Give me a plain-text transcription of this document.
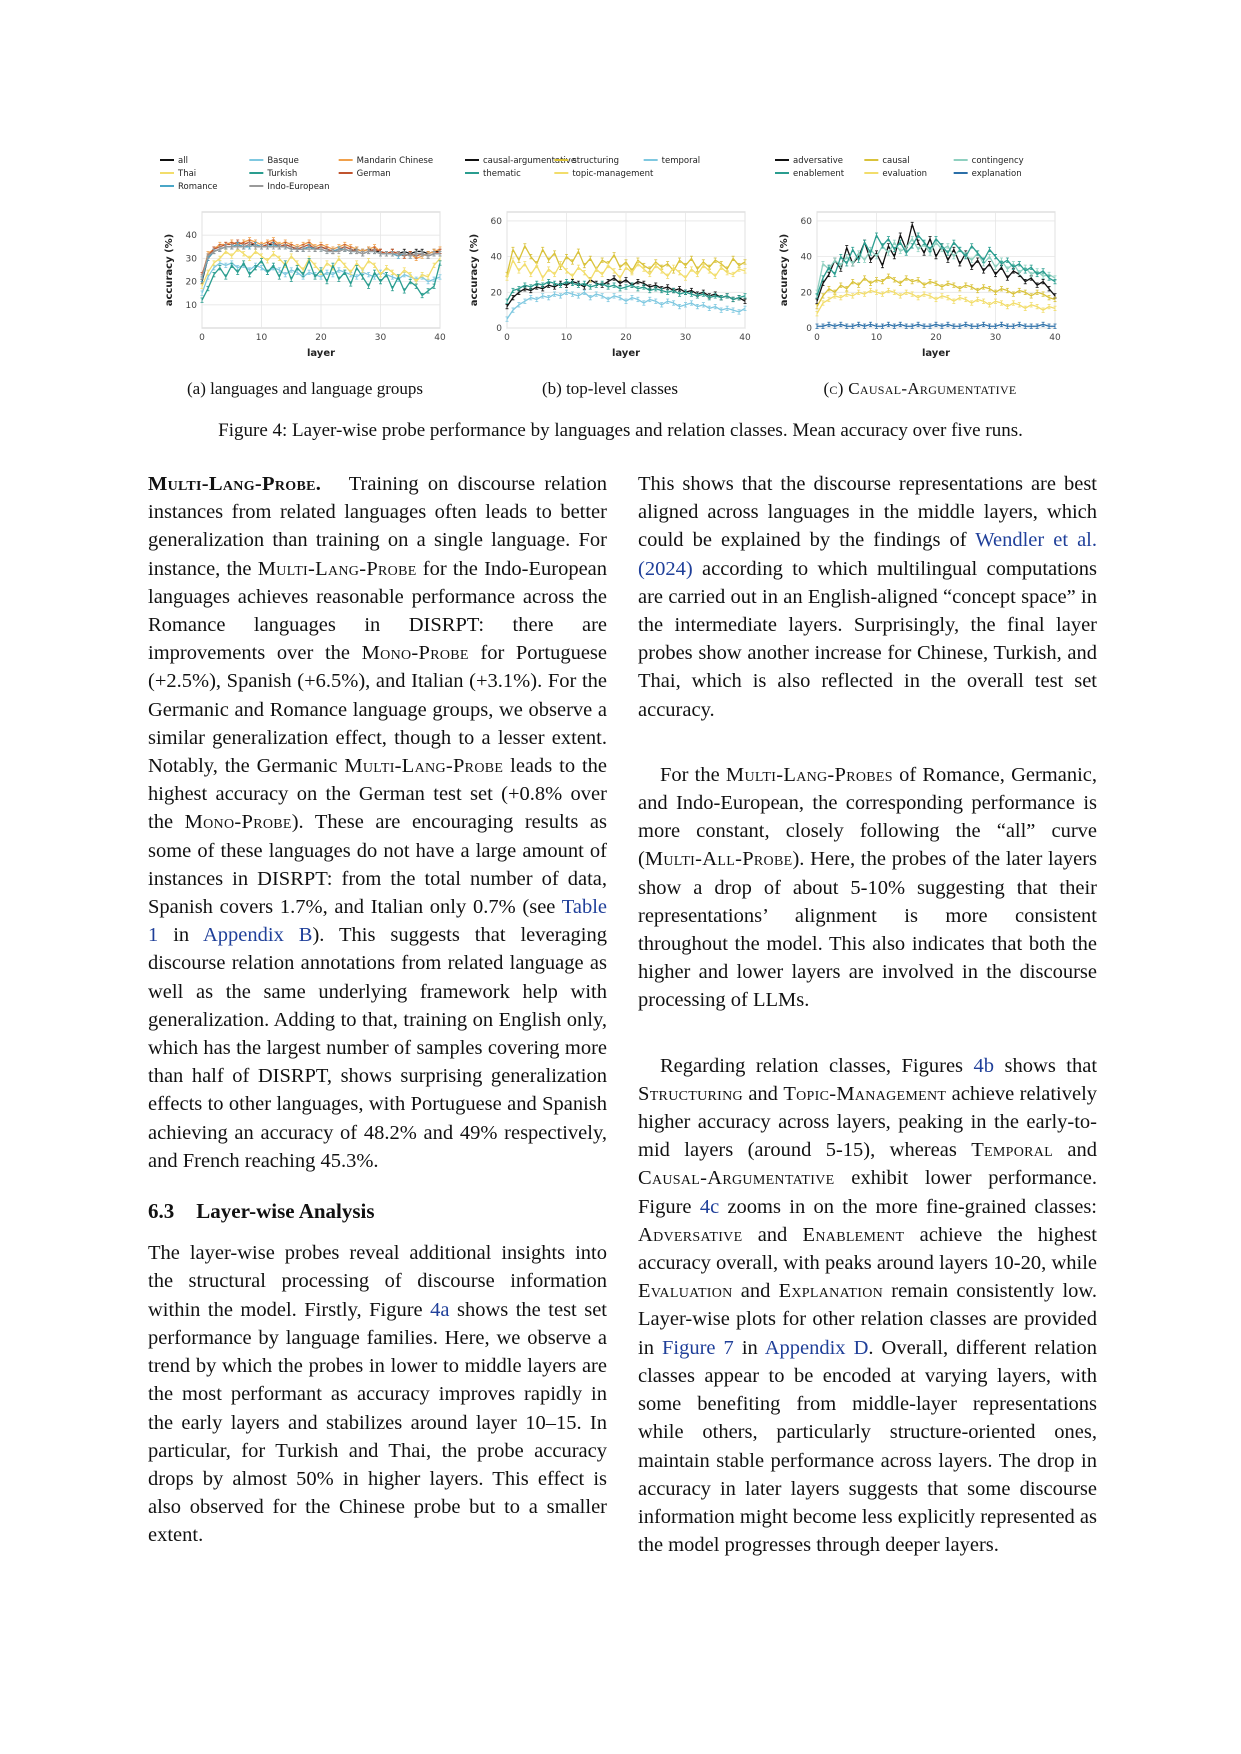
0	10	20	30	40
10
20
30
40
layer
accuracy (%)
all	Basque	Mandarin Chinese
Thai	Turkish	German
Romance	Indo-European
0	10	20	30	40
0
20
40
60
layer
accuracy (%)
causal-argumentative
structuring	temporal
thematic	topic-management
0	10	20	30	40
0
20
40
60
layer
accuracy (%)
adversative	causal	contingency
enablement	evaluation	explanation
(a) languages and language groups	(b) top-level classes	(c) Causal-Argumentative
Figure 4: Layer-wise probe performance by languages and relation classes. Mean accuracy over five runs.

Multi-Lang-Probe. Training on discourse relation instances from related languages often leads to better generalization than training on a single language. For instance, the Multi-Lang-Probe for the Indo-European languages achieves reasonable performance across the Romance languages in DISRPT: there are improvements over the Mono-Probe for Portuguese (+2.5%), Spanish (+6.5%), and Italian (+3.1%). For the Germanic and Romance language groups, we observe a similar generalization effect, though to a lesser extent. Notably, the Germanic Multi-Lang-Probe leads to the highest accuracy on the German test set (+0.8% over the Mono-Probe). These are encouraging results as some of these languages do not have a large amount of instances in DISRPT: from the total number of data, Spanish covers 1.7%, and Italian only 0.7% (see Table 1 in Appendix B). This suggests that leveraging discourse relation annotations from related language as well as the same underlying framework help with generalization. Adding to that, training on English only, which has the largest number of samples covering more than half of DISRPT, shows surprising generalization effects to other languages, with Portuguese and Spanish achieving an accuracy of 48.2% and 49% respectively, and French reaching 45.3%.

6.3 Layer-wise Analysis

The layer-wise probes reveal additional insights into the structural processing of discourse information within the model. Firstly, Figure 4a shows the test set performance by language families. Here, we observe a trend by which the probes in lower to middle layers are the most performant as accuracy improves rapidly in the early layers and stabilizes around layer 10–15. In particular, for Turkish and Thai, the probe accuracy drops by almost 50% in higher layers. This effect is also observed for the Chinese probe but to a smaller extent.

This shows that the discourse representations are best aligned across languages in the middle layers, which could be explained by the findings of Wendler et al. (2024) according to which multilingual computations are carried out in an English-aligned “concept space” in the intermediate layers. Surprisingly, the final layer probes show another increase for Chinese, Turkish, and Thai, which is also reflected in the overall test set accuracy.

For the Multi-Lang-Probes of Romance, Germanic, and Indo-European, the corresponding performance is more constant, closely following the “all” curve (Multi-All-Probe). Here, the probes of the later layers show a drop of about 5-10% suggesting that their representations’ alignment is more consistent throughout the model. This also indicates that both the higher and lower layers are involved in the discourse processing of LLMs.

Regarding relation classes, Figures 4b shows that Structuring and Topic-Management achieve relatively higher accuracy across layers, peaking in the early-to-mid layers (around 5-15), whereas Temporal and Causal-Argumentative exhibit lower performance. Figure 4c zooms in on the more fine-grained classes: Adversative and Enablement achieve the highest accuracy overall, with peaks around layers 10-20, while Evaluation and Explanation remain consistently low. Layer-wise plots for other relation classes are provided in Figure 7 in Appendix D. Overall, different relation classes appear to be encoded at varying layers, with some benefiting from middle-layer representations while others, particularly structure-oriented ones, maintain stable performance across layers. The drop in accuracy in later layers suggests that some discourse information might become less explicitly represented as the model progresses through deeper layers.
